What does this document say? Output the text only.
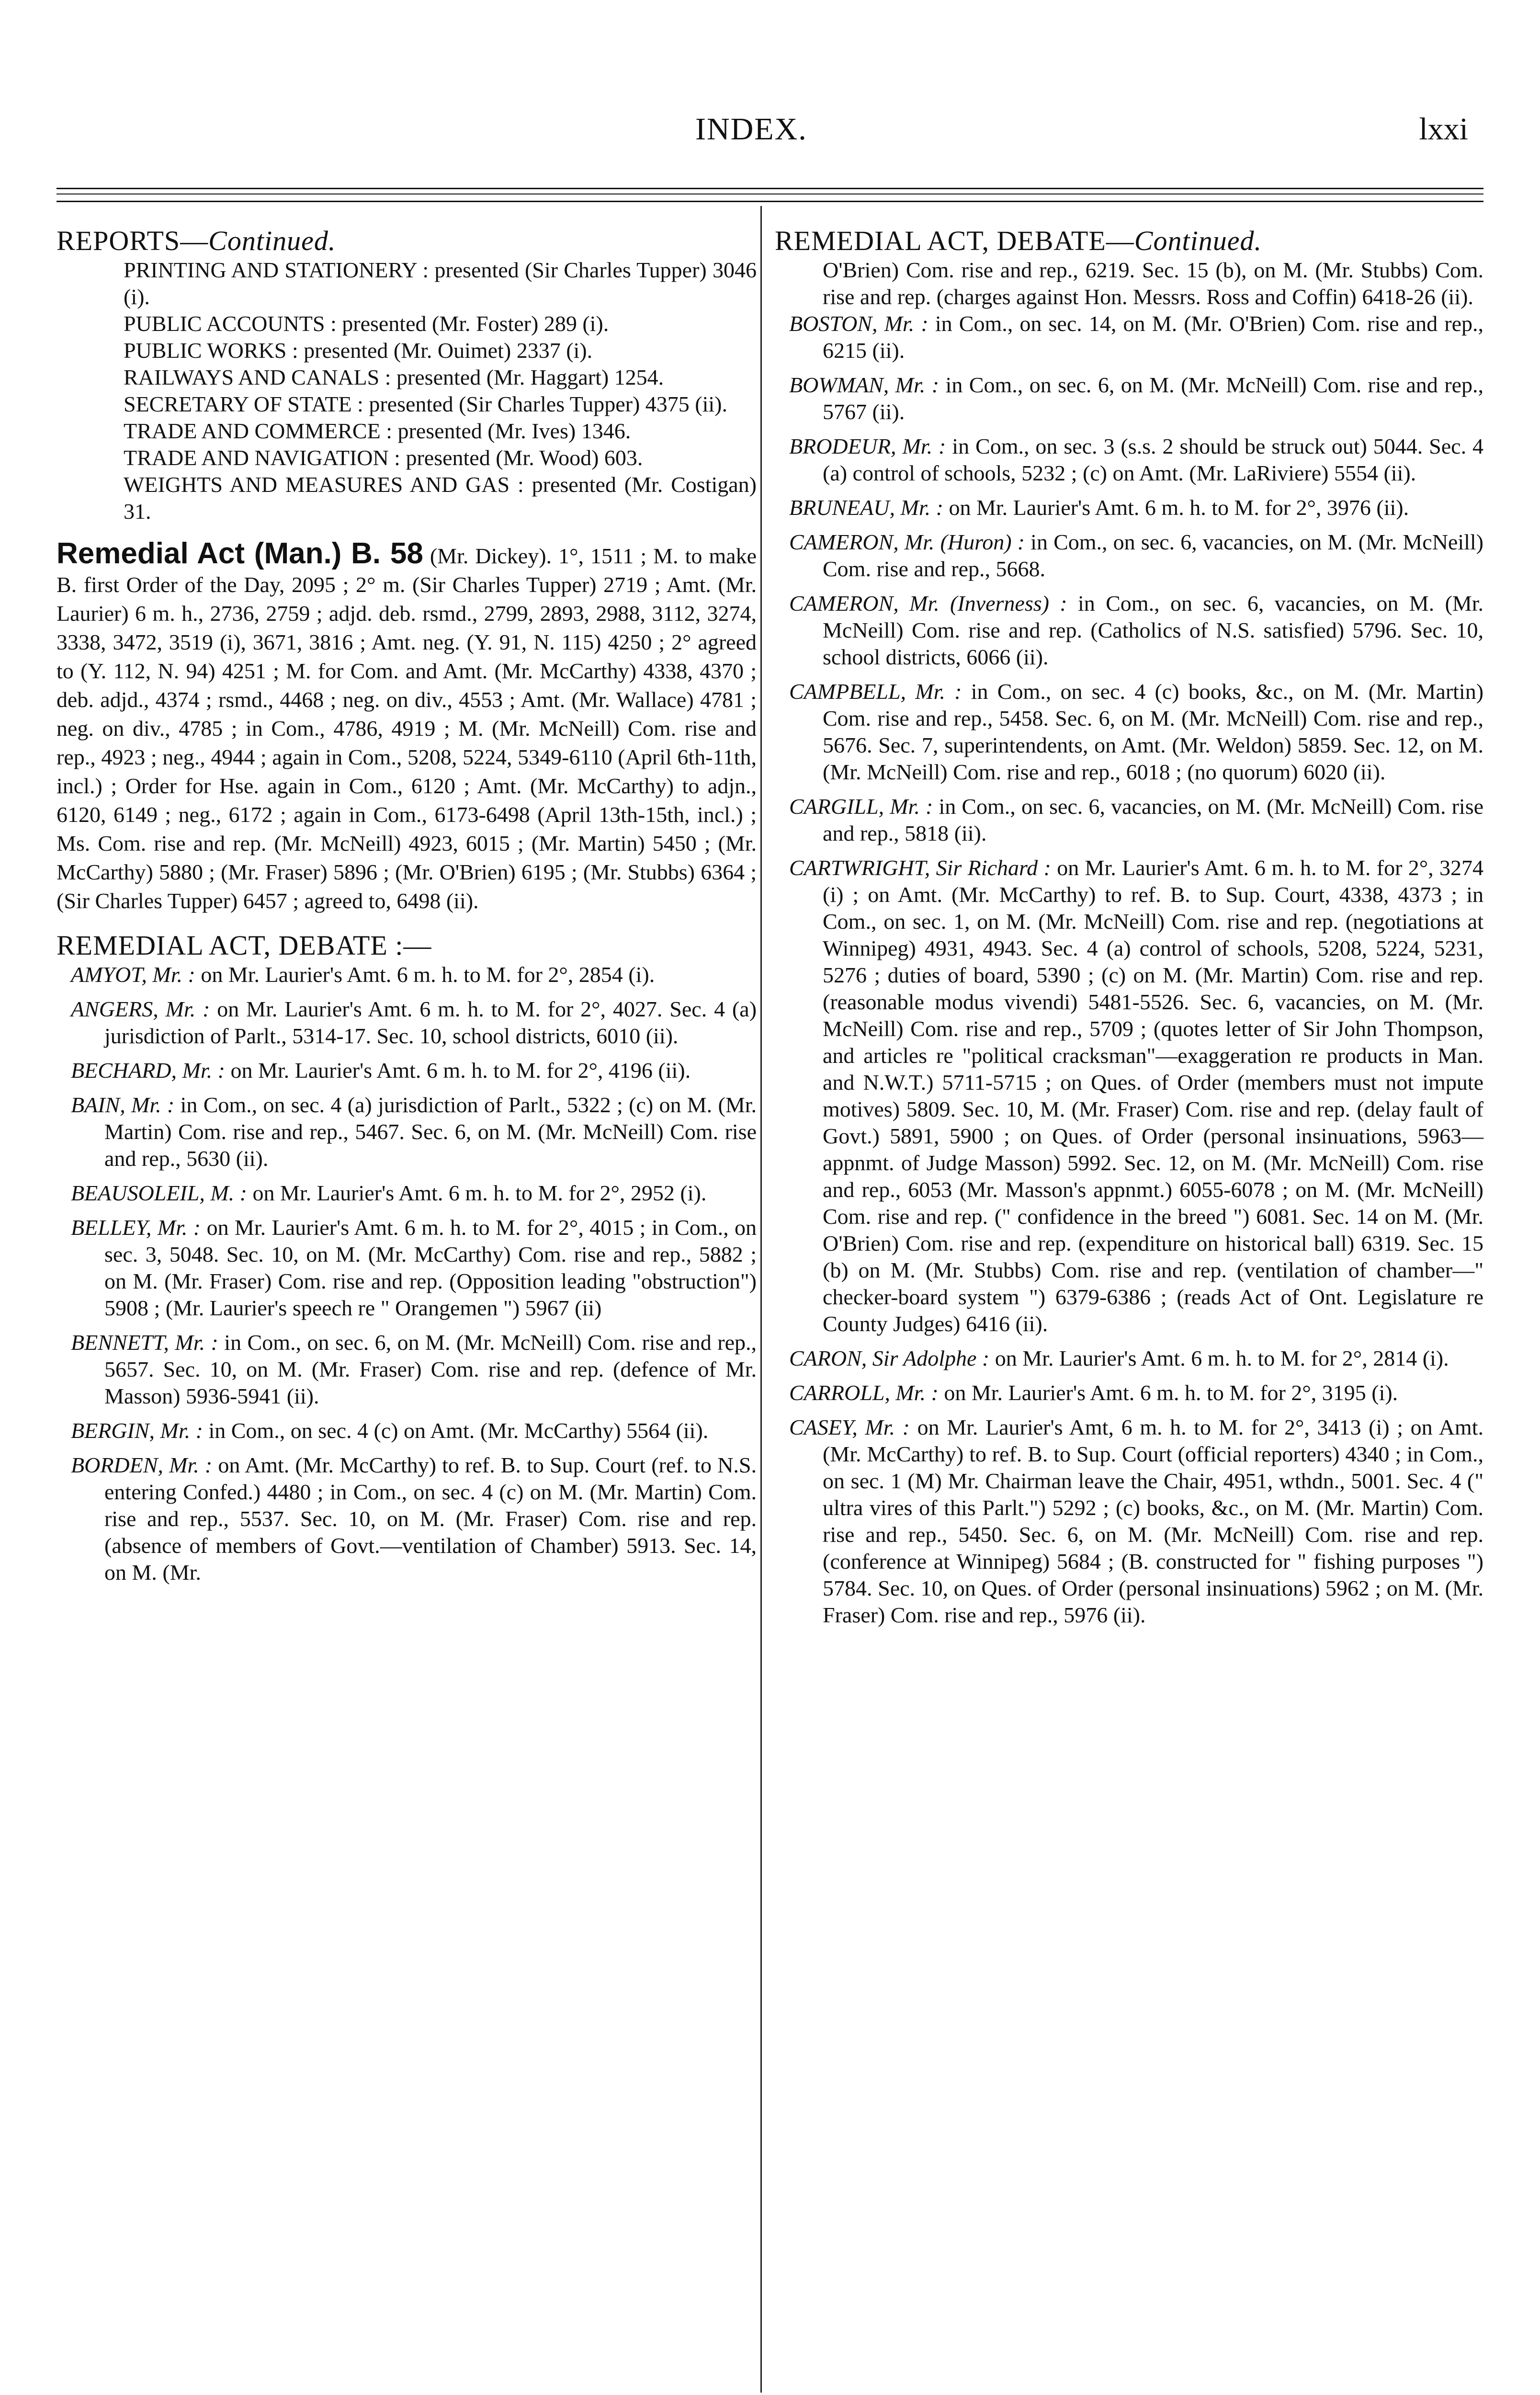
INDEX.	lxxi

REPORTS—Continued.

PRINTING AND STATIONERY : presented (Sir Charles Tupper) 3046 (i).

PUBLIC ACCOUNTS : presented (Mr. Foster) 289 (i).

PUBLIC WORKS : presented (Mr. Ouimet) 2337 (i).

RAILWAYS AND CANALS : presented (Mr. Haggart) 1254.

SECRETARY OF STATE : presented (Sir Charles Tupper) 4375 (ii).

TRADE AND COMMERCE : presented (Mr. Ives) 1346.

TRADE AND NAVIGATION : presented (Mr. Wood) 603.

WEIGHTS AND MEASURES AND GAS : presented (Mr. Costigan) 31.

Remedial Act (Man.) B. 58 (Mr. Dickey). 1°, 1511 ; M. to make B. first Order of the Day, 2095 ; 2° m. (Sir Charles Tupper) 2719 ; Amt. (Mr. Laurier) 6 m. h., 2736, 2759 ; adjd. deb. rsmd., 2799, 2893, 2988, 3112, 3274, 3338, 3472, 3519 (i), 3671, 3816 ; Amt. neg. (Y. 91, N. 115) 4250 ; 2° agreed to (Y. 112, N. 94) 4251 ; M. for Com. and Amt. (Mr. McCarthy) 4338, 4370 ; deb. adjd., 4374 ; rsmd., 4468 ; neg. on div., 4553 ; Amt. (Mr. Wallace) 4781 ; neg. on div., 4785 ; in Com., 4786, 4919 ; M. (Mr. McNeill) Com. rise and rep., 4923 ; neg., 4944 ; again in Com., 5208, 5224, 5349-6110 (April 6th-11th, incl.) ; Order for Hse. again in Com., 6120 ; Amt. (Mr. McCarthy) to adjn., 6120, 6149 ; neg., 6172 ; again in Com., 6173-6498 (April 13th-15th, incl.) ; Ms. Com. rise and rep. (Mr. McNeill) 4923, 6015 ; (Mr. Martin) 5450 ; (Mr. McCarthy) 5880 ; (Mr. Fraser) 5896 ; (Mr. O'Brien) 6195 ; (Mr. Stubbs) 6364 ; (Sir Charles Tupper) 6457 ; agreed to, 6498 (ii).

REMEDIAL ACT, DEBATE :—

AMYOT, Mr. : on Mr. Laurier's Amt. 6 m. h. to M. for 2°, 2854 (i).

ANGERS, Mr. : on Mr. Laurier's Amt. 6 m. h. to M. for 2°, 4027. Sec. 4 (a) jurisdiction of Parlt., 5314-17. Sec. 10, school districts, 6010 (ii).

BECHARD, Mr. : on Mr. Laurier's Amt. 6 m. h. to M. for 2°, 4196 (ii).

BAIN, Mr. : in Com., on sec. 4 (a) jurisdiction of Parlt., 5322 ; (c) on M. (Mr. Martin) Com. rise and rep., 5467. Sec. 6, on M. (Mr. McNeill) Com. rise and rep., 5630 (ii).

BEAUSOLEIL, M. : on Mr. Laurier's Amt. 6 m. h. to M. for 2°, 2952 (i).

BELLEY, Mr. : on Mr. Laurier's Amt. 6 m. h. to M. for 2°, 4015 ; in Com., on sec. 3, 5048. Sec. 10, on M. (Mr. McCarthy) Com. rise and rep., 5882 ; on M. (Mr. Fraser) Com. rise and rep. (Opposition leading "obstruction") 5908 ; (Mr. Laurier's speech re " Orangemen ") 5967 (ii)

BENNETT, Mr. : in Com., on sec. 6, on M. (Mr. McNeill) Com. rise and rep., 5657. Sec. 10, on M. (Mr. Fraser) Com. rise and rep. (defence of Mr. Masson) 5936-5941 (ii).

BERGIN, Mr. : in Com., on sec. 4 (c) on Amt. (Mr. McCarthy) 5564 (ii).

BORDEN, Mr. : on Amt. (Mr. McCarthy) to ref. B. to Sup. Court (ref. to N.S. entering Confed.) 4480 ; in Com., on sec. 4 (c) on M. (Mr. Martin) Com. rise and rep., 5537. Sec. 10, on M. (Mr. Fraser) Com. rise and rep. (absence of members of Govt.—ventilation of Chamber) 5913. Sec. 14, on M. (Mr.

REMEDIAL ACT, DEBATE—Continued.

O'Brien) Com. rise and rep., 6219. Sec. 15 (b), on M. (Mr. Stubbs) Com. rise and rep. (charges against Hon. Messrs. Ross and Coffin) 6418-26 (ii).

BOSTON, Mr. : in Com., on sec. 14, on M. (Mr. O'Brien) Com. rise and rep., 6215 (ii).

BOWMAN, Mr. : in Com., on sec. 6, on M. (Mr. McNeill) Com. rise and rep., 5767 (ii).

BRODEUR, Mr. : in Com., on sec. 3 (s.s. 2 should be struck out) 5044. Sec. 4 (a) control of schools, 5232 ; (c) on Amt. (Mr. LaRiviere) 5554 (ii).

BRUNEAU, Mr. : on Mr. Laurier's Amt. 6 m. h. to M. for 2°, 3976 (ii).

CAMERON, Mr. (Huron) : in Com., on sec. 6, vacancies, on M. (Mr. McNeill) Com. rise and rep., 5668.

CAMERON, Mr. (Inverness) : in Com., on sec. 6, vacancies, on M. (Mr. McNeill) Com. rise and rep. (Catholics of N.S. satisfied) 5796. Sec. 10, school districts, 6066 (ii).

CAMPBELL, Mr. : in Com., on sec. 4 (c) books, &c., on M. (Mr. Martin) Com. rise and rep., 5458. Sec. 6, on M. (Mr. McNeill) Com. rise and rep., 5676. Sec. 7, superintendents, on Amt. (Mr. Weldon) 5859. Sec. 12, on M. (Mr. McNeill) Com. rise and rep., 6018 ; (no quorum) 6020 (ii).

CARGILL, Mr. : in Com., on sec. 6, vacancies, on M. (Mr. McNeill) Com. rise and rep., 5818 (ii).

CARTWRIGHT, Sir Richard : on Mr. Laurier's Amt. 6 m. h. to M. for 2°, 3274 (i) ; on Amt. (Mr. McCarthy) to ref. B. to Sup. Court, 4338, 4373 ; in Com., on sec. 1, on M. (Mr. McNeill) Com. rise and rep. (negotiations at Winnipeg) 4931, 4943. Sec. 4 (a) control of schools, 5208, 5224, 5231, 5276 ; duties of board, 5390 ; (c) on M. (Mr. Martin) Com. rise and rep. (reasonable modus vivendi) 5481-5526. Sec. 6, vacancies, on M. (Mr. McNeill) Com. rise and rep., 5709 ; (quotes letter of Sir John Thompson, and articles re "political cracksman"—exaggeration re products in Man. and N.W.T.) 5711-5715 ; on Ques. of Order (members must not impute motives) 5809. Sec. 10, M. (Mr. Fraser) Com. rise and rep. (delay fault of Govt.) 5891, 5900 ; on Ques. of Order (personal insinuations, 5963—appnmt. of Judge Masson) 5992. Sec. 12, on M. (Mr. McNeill) Com. rise and rep., 6053 (Mr. Masson's appnmt.) 6055-6078 ; on M. (Mr. McNeill) Com. rise and rep. (" confidence in the breed ") 6081. Sec. 14 on M. (Mr. O'Brien) Com. rise and rep. (expenditure on historical ball) 6319. Sec. 15 (b) on M. (Mr. Stubbs) Com. rise and rep. (ventilation of chamber—" checker-board system ") 6379-6386 ; (reads Act of Ont. Legislature re County Judges) 6416 (ii).

CARON, Sir Adolphe : on Mr. Laurier's Amt. 6 m. h. to M. for 2°, 2814 (i).

CARROLL, Mr. : on Mr. Laurier's Amt. 6 m. h. to M. for 2°, 3195 (i).

CASEY, Mr. : on Mr. Laurier's Amt, 6 m. h. to M. for 2°, 3413 (i) ; on Amt. (Mr. McCarthy) to ref. B. to Sup. Court (official reporters) 4340 ; in Com., on sec. 1 (M) Mr. Chairman leave the Chair, 4951, wthdn., 5001. Sec. 4 (" ultra vires of this Parlt.") 5292 ; (c) books, &c., on M. (Mr. Martin) Com. rise and rep., 5450. Sec. 6, on M. (Mr. McNeill) Com. rise and rep. (conference at Winnipeg) 5684 ; (B. constructed for " fishing purposes ") 5784. Sec. 10, on Ques. of Order (personal insinuations) 5962 ; on M. (Mr. Fraser) Com. rise and rep., 5976 (ii).
